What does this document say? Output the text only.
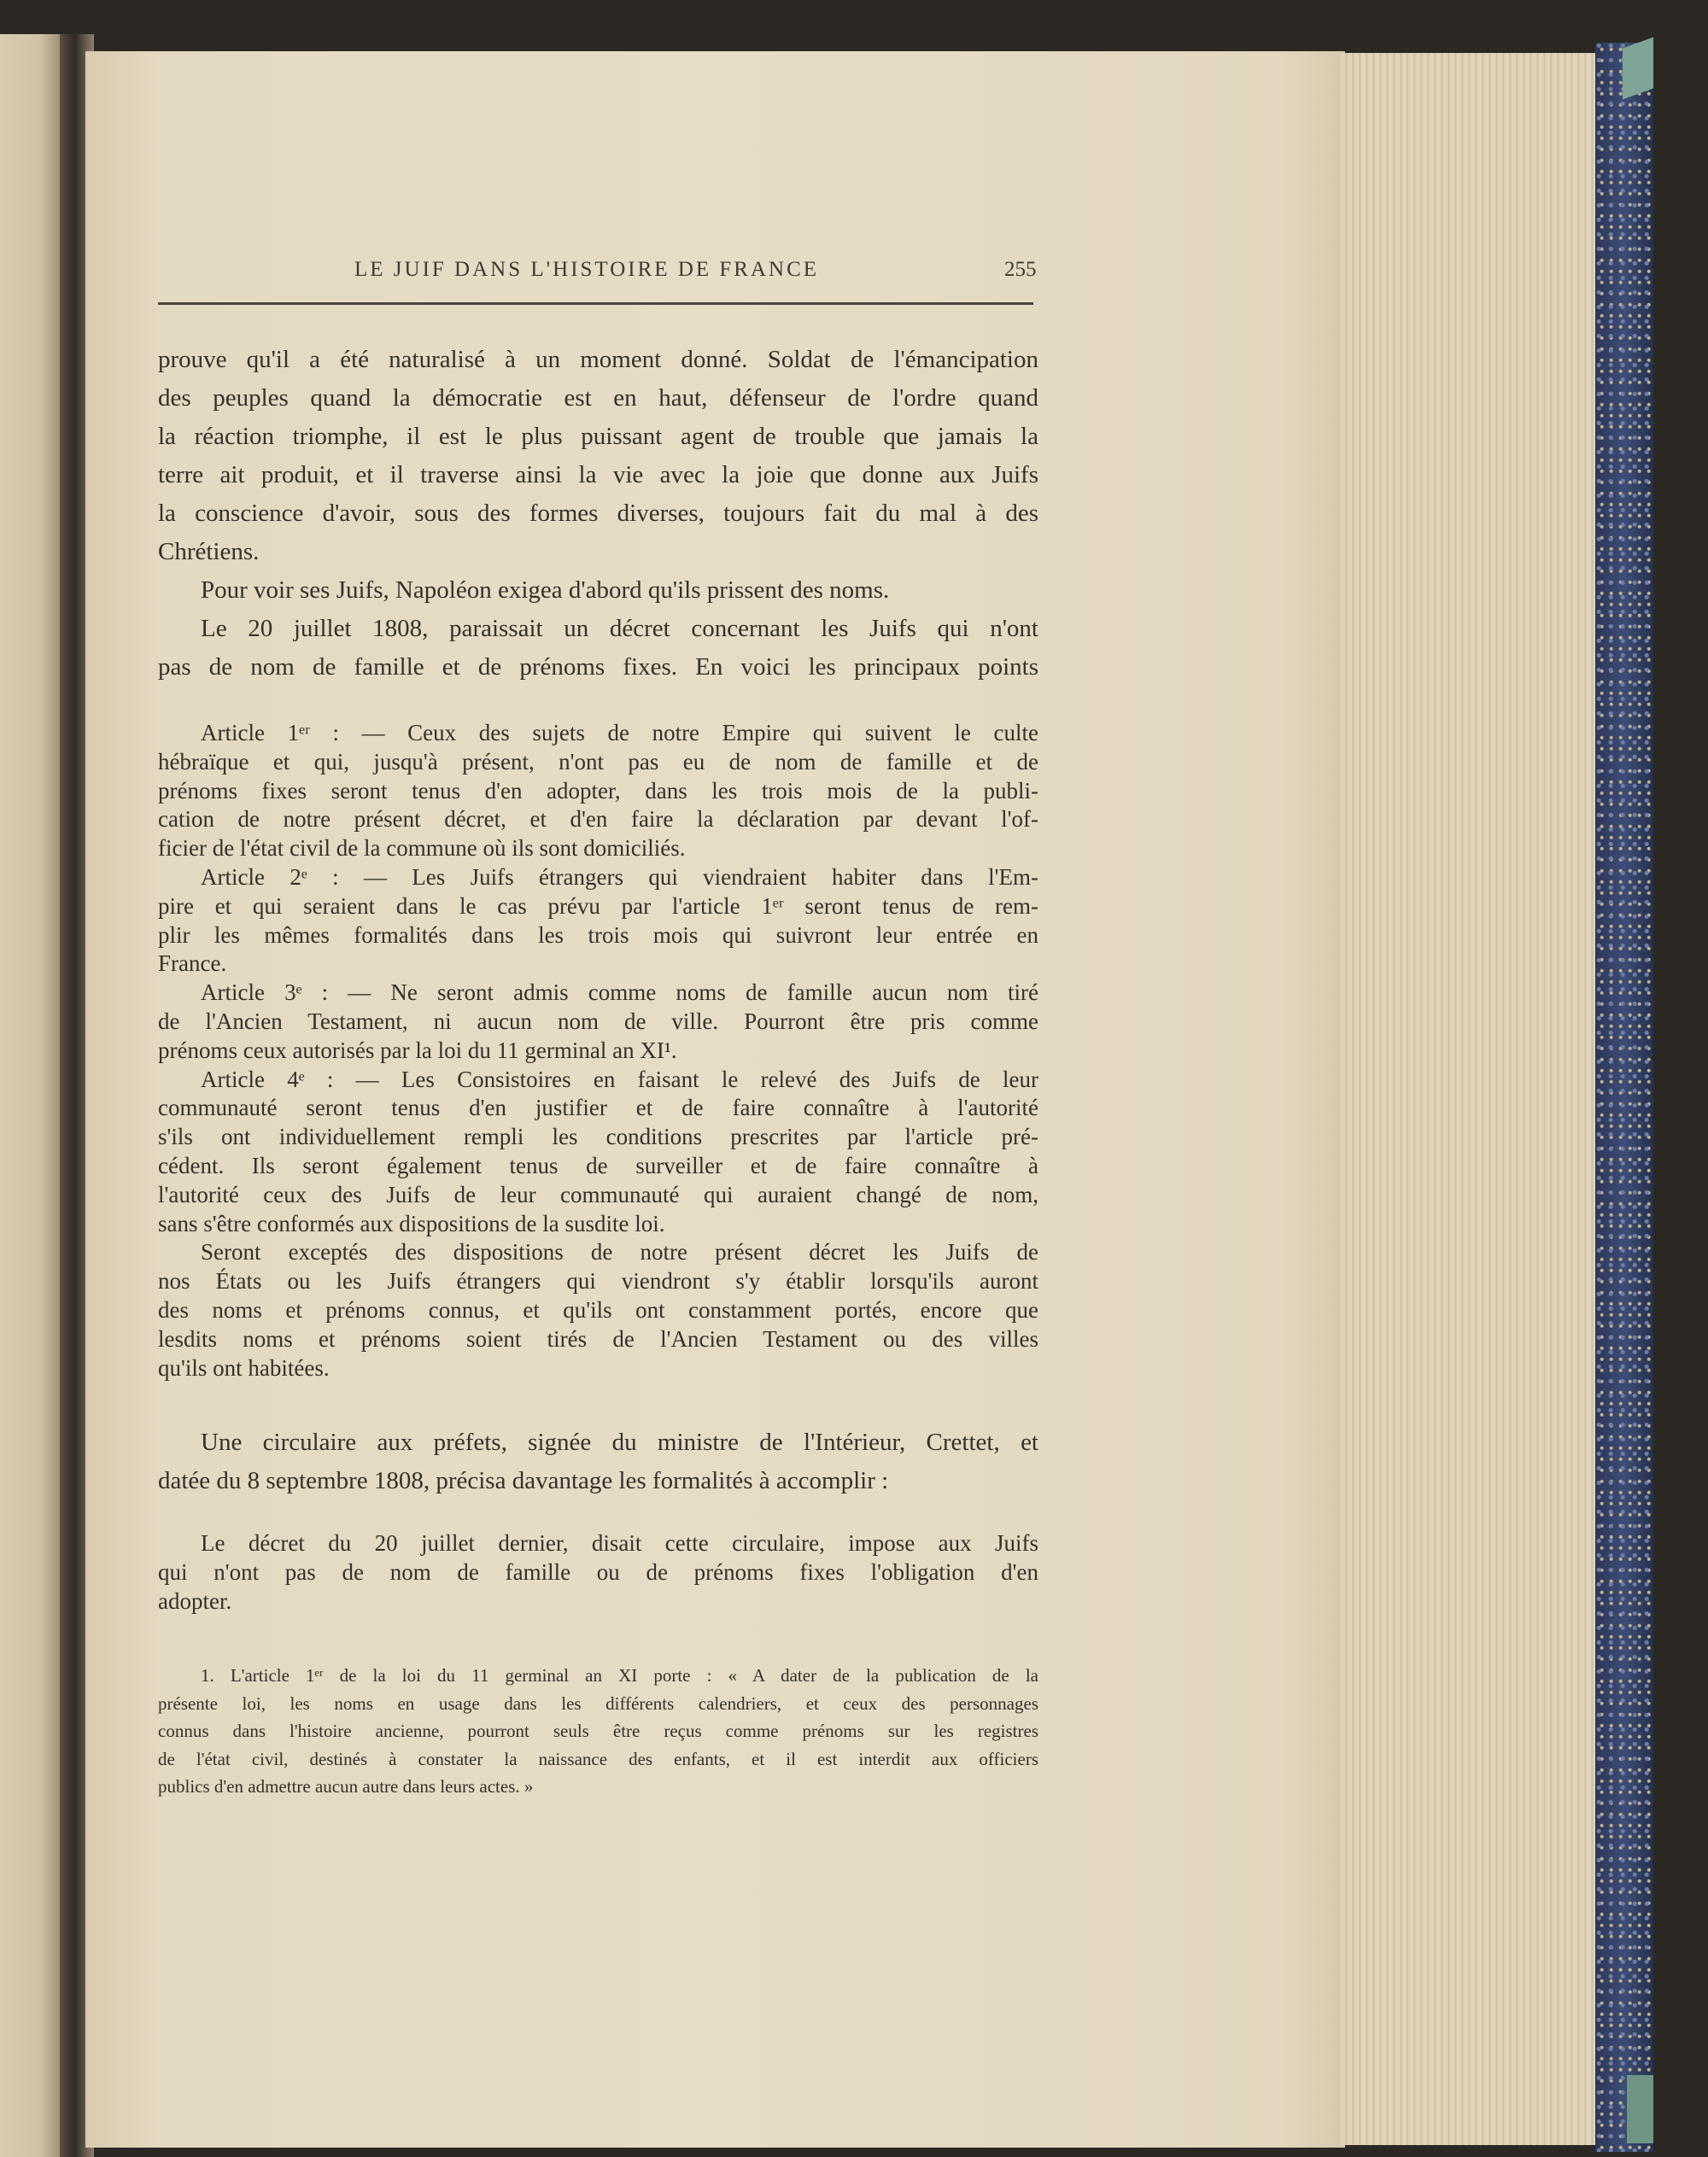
LE JUIF DANS L'HISTOIRE DE FRANCE	255
prouve qu'il a été naturalisé à un moment donné. Soldat de l'émancipation
des peuples quand la démocratie est en haut, défenseur de l'ordre quand
la réaction triomphe, il est le plus puissant agent de trouble que jamais la
terre ait produit, et il traverse ainsi la vie avec la joie que donne aux Juifs
la conscience d'avoir, sous des formes diverses, toujours fait du mal à des
Chrétiens.
Pour voir ses Juifs, Napoléon exigea d'abord qu'ils prissent des noms.
Le 20 juillet 1808, paraissait un décret concernant les Juifs qui n'ont
pas de nom de famille et de prénoms fixes. En voici les principaux points
Article 1ᵉʳ : — Ceux des sujets de notre Empire qui suivent le culte
hébraïque et qui, jusqu'à présent, n'ont pas eu de nom de famille et de
prénoms fixes seront tenus d'en adopter, dans les trois mois de la publi-
cation de notre présent décret, et d'en faire la déclaration par devant l'of-
ficier de l'état civil de la commune où ils sont domiciliés.
Article 2ᵉ : — Les Juifs étrangers qui viendraient habiter dans l'Em-
pire et qui seraient dans le cas prévu par l'article 1ᵉʳ seront tenus de rem-
plir les mêmes formalités dans les trois mois qui suivront leur entrée en
France.
Article 3ᵉ : — Ne seront admis comme noms de famille aucun nom tiré
de l'Ancien Testament, ni aucun nom de ville. Pourront être pris comme
prénoms ceux autorisés par la loi du 11 germinal an XI¹.
Article 4ᵉ : — Les Consistoires en faisant le relevé des Juifs de leur
communauté seront tenus d'en justifier et de faire connaître à l'autorité
s'ils ont individuellement rempli les conditions prescrites par l'article pré-
cédent. Ils seront également tenus de surveiller et de faire connaître à
l'autorité ceux des Juifs de leur communauté qui auraient changé de nom,
sans s'être conformés aux dispositions de la susdite loi.
Seront exceptés des dispositions de notre présent décret les Juifs de
nos États ou les Juifs étrangers qui viendront s'y établir lorsqu'ils auront
des noms et prénoms connus, et qu'ils ont constamment portés, encore que
lesdits noms et prénoms soient tirés de l'Ancien Testament ou des villes
qu'ils ont habitées.
Une circulaire aux préfets, signée du ministre de l'Intérieur, Crettet, et
datée du 8 septembre 1808, précisa davantage les formalités à accomplir :
Le décret du 20 juillet dernier, disait cette circulaire, impose aux Juifs
qui n'ont pas de nom de famille ou de prénoms fixes l'obligation d'en
adopter.
1. L'article 1ᵉʳ de la loi du 11 germinal an XI porte : « A dater de la publication de la
présente loi, les noms en usage dans les différents calendriers, et ceux des personnages
connus dans l'histoire ancienne, pourront seuls être reçus comme prénoms sur les registres
de l'état civil, destinés à constater la naissance des enfants, et il est interdit aux officiers
publics d'en admettre aucun autre dans leurs actes. »
